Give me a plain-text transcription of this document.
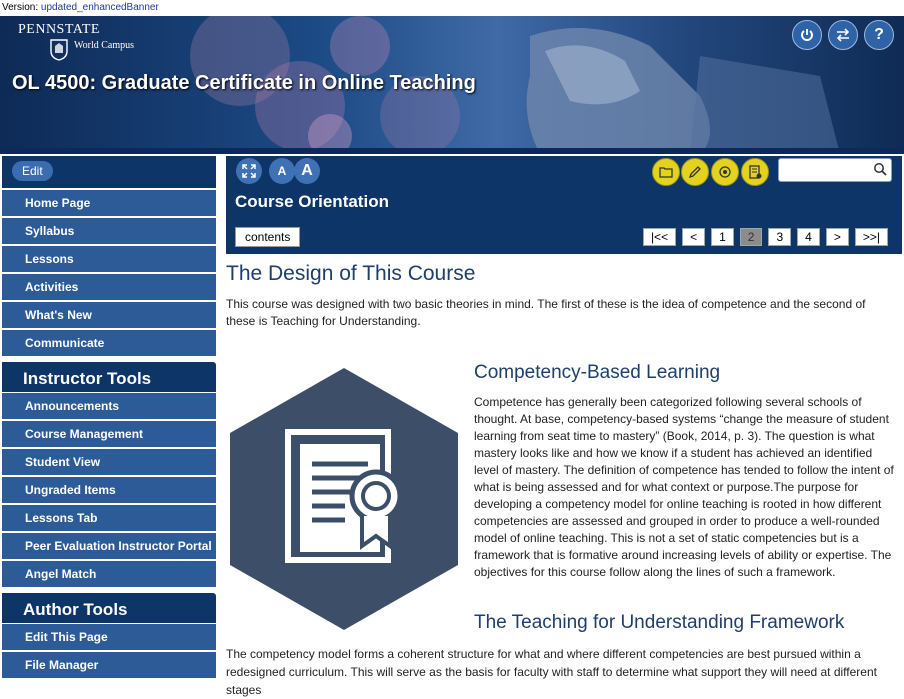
Version: updated_enhancedBanner
PENNSTATE
World Campus
OL 4500: Graduate Certificate in Online Teaching
?
Edit
Home Page
Syllabus
Lessons
Activities
What's New
Communicate
Instructor Tools
Announcements
Course Management
Student View
Ungraded Items
Lessons Tab
Peer Evaluation Instructor Portal
Angel Match
Author Tools
Edit This Page
File Manager
A A
Course Orientation
contents	|<<	<	1	2	3	4	>	>>|
The Design of This Course
This course was designed with two basic theories in mind. The first of these is the idea of competence and the second of these is Teaching for Understanding.
Competency-Based Learning
Competence has generally been categorized following several schools of thought. At base, competency-based systems “change the measure of student learning from seat time to mastery” (Book, 2014, p. 3). The question is what mastery looks like and how we know if a student has achieved an identified level of mastery. The definition of competence has tended to follow the intent of what is being assessed and for what context or purpose.The purpose for developing a competency model for online teaching is rooted in how different competencies are assessed and grouped in order to produce a well-rounded model of online teaching. This is not a set of static competencies but is a framework that is formative around increasing levels of ability or expertise. The objectives for this course follow along the lines of such a framework.
The Teaching for Understanding Framework
The competency model forms a coherent structure for what and where different competencies are best pursued within a redesigned curriculum. This will serve as the basis for faculty with staff to determine what support they will need at different stages
